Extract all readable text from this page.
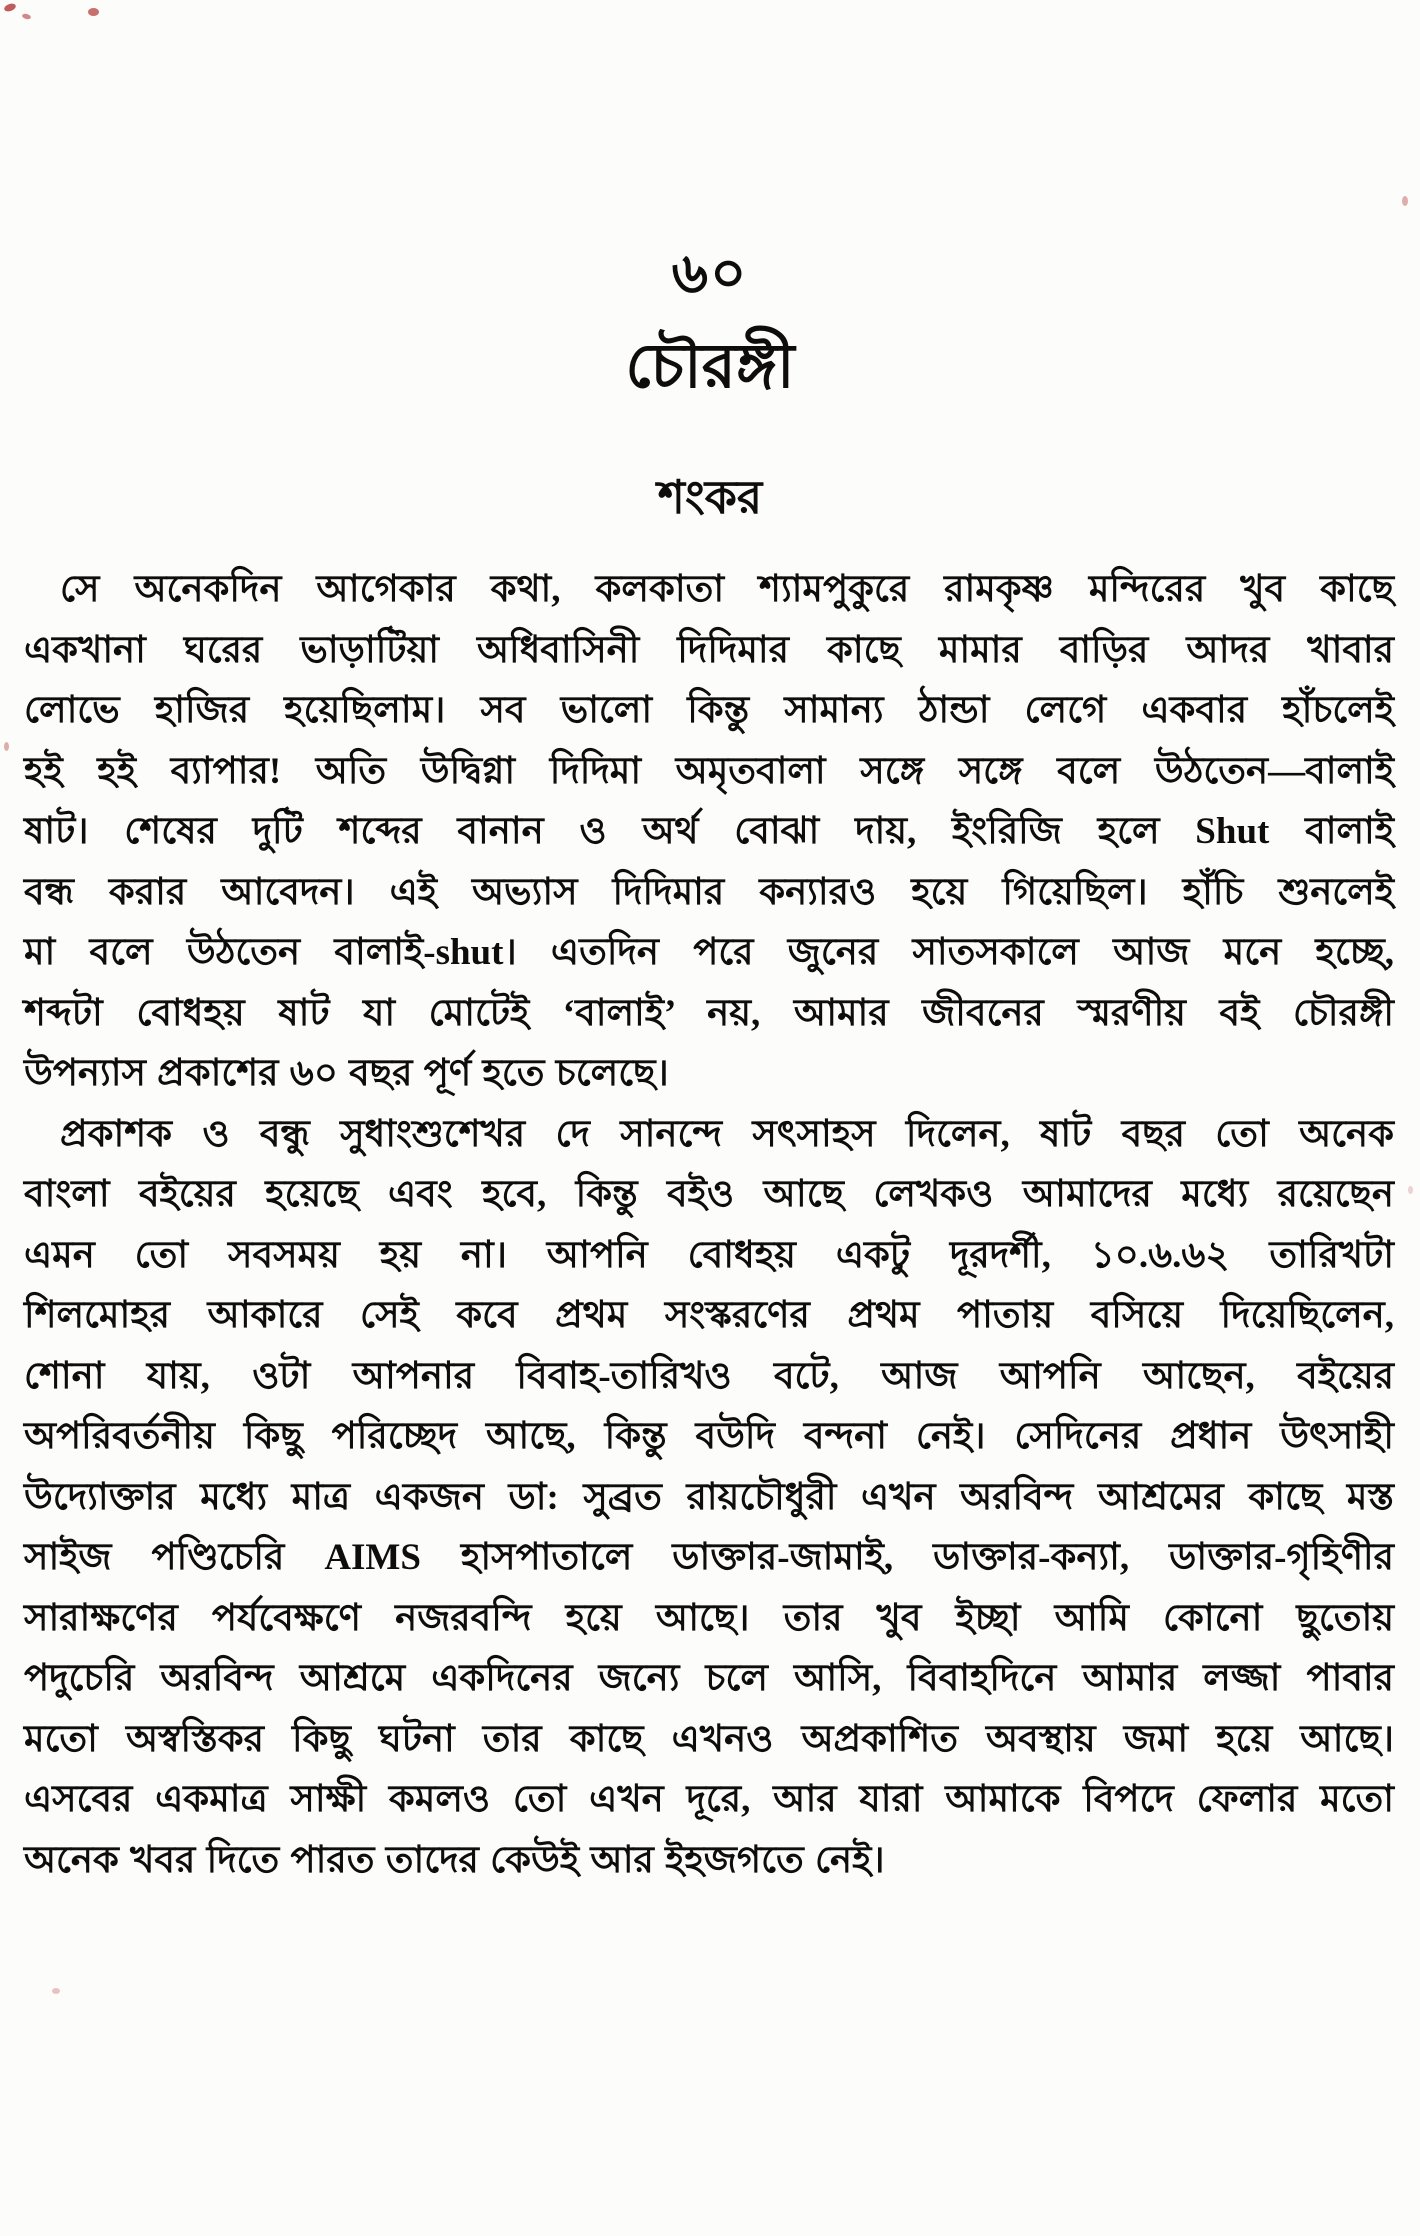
৬০
চৌরঙ্গী
শংকর
সে অনেকদিন আগেকার কথা, কলকাতা শ্যামপুকুরে রামকৃষ্ণ মন্দিরের খুব কাছে
একখানা ঘরের ভাড়াটিয়া অধিবাসিনী দিদিমার কাছে মামার বাড়ির আদর খাবার
লোভে হাজির হয়েছিলাম। সব ভালো কিন্তু সামান্য ঠান্ডা লেগে একবার হাঁচলেই
হই হই ব্যাপার! অতি উদ্বিগ্না দিদিমা অমৃতবালা সঙ্গে সঙ্গে বলে উঠতেন—বালাই
ষাট। শেষের দুটি শব্দের বানান ও অর্থ বোঝা দায়, ইংরিজি হলে Shut বালাই
বন্ধ করার আবেদন। এই অভ্যাস দিদিমার কন্যারও হয়ে গিয়েছিল। হাঁচি শুনলেই
মা বলে উঠতেন বালাই-shut। এতদিন পরে জুনের সাতসকালে আজ মনে হচ্ছে,
শব্দটা বোধহয় ষাট যা মোটেই ‘বালাই’ নয়, আমার জীবনের স্মরণীয় বই চৌরঙ্গী
উপন্যাস প্রকাশের ৬০ বছর পূর্ণ হতে চলেছে।
প্রকাশক ও বন্ধু সুধাংশুশেখর দে সানন্দে সৎসাহস দিলেন, ষাট বছর তো অনেক
বাংলা বইয়ের হয়েছে এবং হবে, কিন্তু বইও আছে লেখকও আমাদের মধ্যে রয়েছেন
এমন তো সবসময় হয় না। আপনি বোধহয় একটু দূরদর্শী, ১০.৬.৬২ তারিখটা
শিলমোহর আকারে সেই কবে প্রথম সংস্করণের প্রথম পাতায় বসিয়ে দিয়েছিলেন,
শোনা যায়, ওটা আপনার বিবাহ-তারিখও বটে, আজ আপনি আছেন, বইয়ের
অপরিবর্তনীয় কিছু পরিচ্ছেদ আছে, কিন্তু বউদি বন্দনা নেই। সেদিনের প্রধান উৎসাহী
উদ্যোক্তার মধ্যে মাত্র একজন ডা: সুব্রত রায়চৌধুরী এখন অরবিন্দ আশ্রমের কাছে মস্ত
সাইজ পণ্ডিচেরি AIMS হাসপাতালে ডাক্তার-জামাই, ডাক্তার-কন্যা, ডাক্তার-গৃহিণীর
সারাক্ষণের পর্যবেক্ষণে নজরবন্দি হয়ে আছে। তার খুব ইচ্ছা আমি কোনো ছুতোয়
পদুচেরি অরবিন্দ আশ্রমে একদিনের জন্যে চলে আসি, বিবাহদিনে আমার লজ্জা পাবার
মতো অস্বস্তিকর কিছু ঘটনা তার কাছে এখনও অপ্রকাশিত অবস্থায় জমা হয়ে আছে।
এসবের একমাত্র সাক্ষী কমলও তো এখন দূরে, আর যারা আমাকে বিপদে ফেলার মতো
অনেক খবর দিতে পারত তাদের কেউই আর ইহজগতে নেই।
